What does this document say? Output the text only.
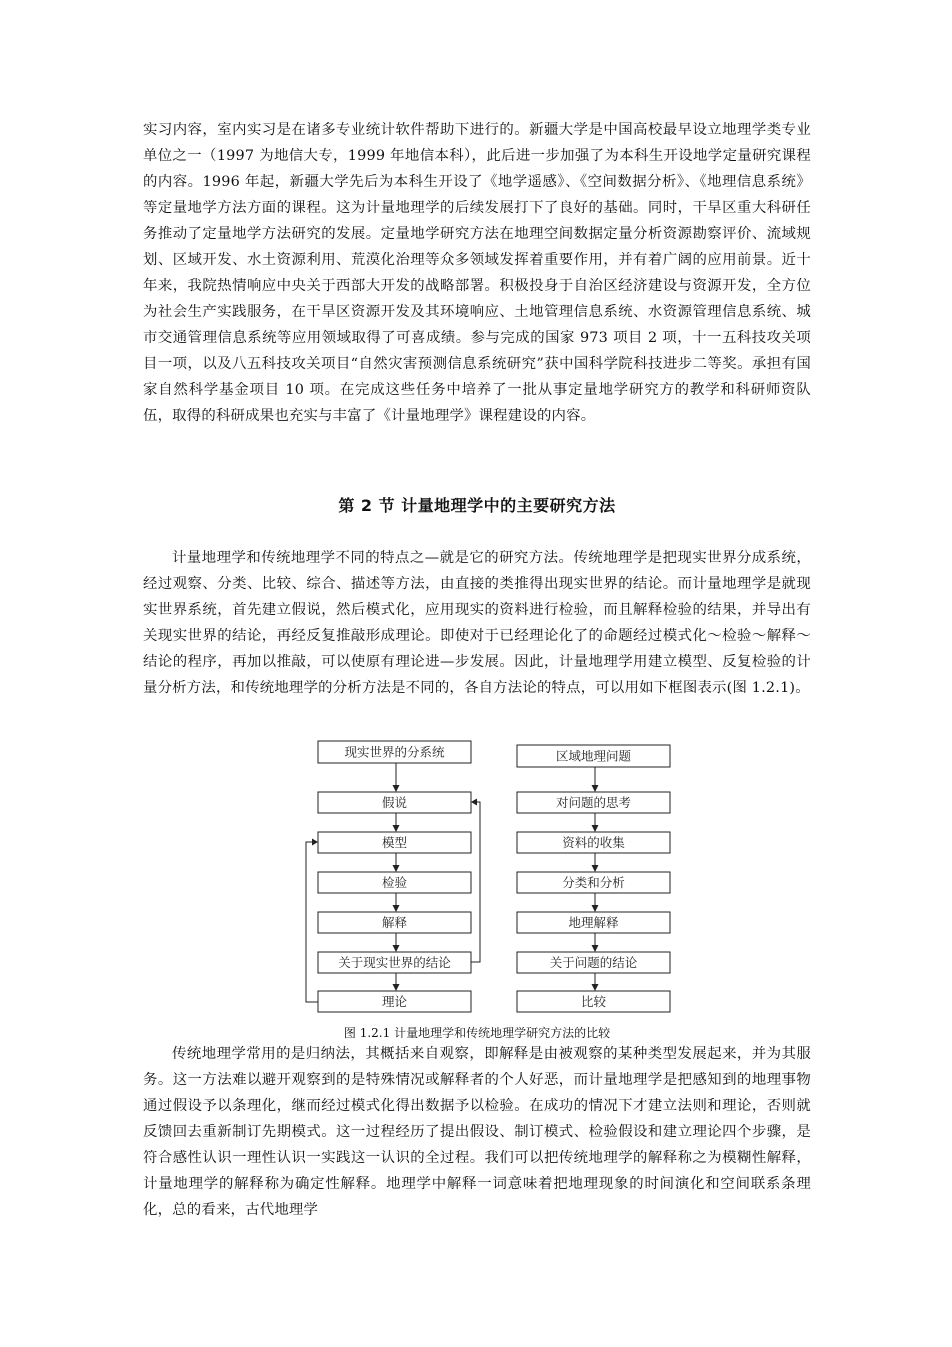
实习内容，室内实习是在诸多专业统计软件帮助下进行的。新疆大学是中国高校最早设立地理学类专业单位之一（1997 为地信大专，1999 年地信本科），此后进一步加强了为本科生开设地学定量研究课程的内容。1996 年起，新疆大学先后为本科生开设了《地学遥感》、《空间数据分析》、《地理信息系统》等定量地学方法方面的课程。这为计量地理学的后续发展打下了良好的基础。同时，干旱区重大科研任务推动了定量地学方法研究的发展。定量地学研究方法在地理空间数据定量分析资源勘察评价、流域规划、区域开发、水土资源利用、荒漠化治理等众多领域发挥着重要作用，并有着广阔的应用前景。近十年来，我院热情响应中央关于西部大开发的战略部署。积极投身于自治区经济建设与资源开发，全方位为社会生产实践服务，在干旱区资源开发及其环境响应、土地管理信息系统、水资源管理信息系统、城市交通管理信息系统等应用领域取得了可喜成绩。参与完成的国家 973 项目 2 项，十一五科技攻关项目一项，以及八五科技攻关项目“自然灾害预测信息系统研究”获中国科学院科技进步二等奖。承担有国家自然科学基金项目 10 项。在完成这些任务中培养了一批从事定量地学研究方的教学和科研师资队伍，取得的科研成果也充实与丰富了《计量地理学》课程建设的内容。

第 2 节 计量地理学中的主要研究方法

计量地理学和传统地理学不同的特点之—就是它的研究方法。传统地理学是把现实世界分成系统，经过观察、分类、比较、综合、描述等方法，由直接的类推得出现实世界的结论。而计量地理学是就现实世界系统，首先建立假说，然后模式化，应用现实的资料进行检验，而且解释检验的结果，并导出有关现实世界的结论，再经反复推敲形成理论。即使对于已经理论化了的命题经过模式化～检验～解释～结论的程序，再加以推敲，可以使原有理论进—步发展。因此，计量地理学用建立模型、反复检验的计量分析方法，和传统地理学的分析方法是不同的，各自方法论的特点，可以用如下框图表示(图 1.2.1)。

现实世界的分系统
假说
模型
检验
解释
关于现实世界的结论
理论
区域地理问题
对问题的思考
资料的收集
分类和分析
地理解释
关于问题的结论
比较

图 1.2.1 计量地理学和传统地理学研究方法的比较

传统地理学常用的是归纳法，其概括来自观察，即解释是由被观察的某种类型发展起来，并为其服务。这一方法难以避开观察到的是特殊情况或解释者的个人好恶，而计量地理学是把感知到的地理事物通过假设予以条理化，继而经过模式化得出数据予以检验。在成功的情况下才建立法则和理论，否则就反馈回去重新制订先期模式。这一过程经历了提出假设、制订模式、检验假设和建立理论四个步骤，是符合感性认识一理性认识一实践这一认识的全过程。我们可以把传统地理学的解释称之为模糊性解释，计量地理学的解释称为确定性解释。地理学中解释一词意味着把地理现象的时间演化和空间联系条理化，总的看来，古代地理学
